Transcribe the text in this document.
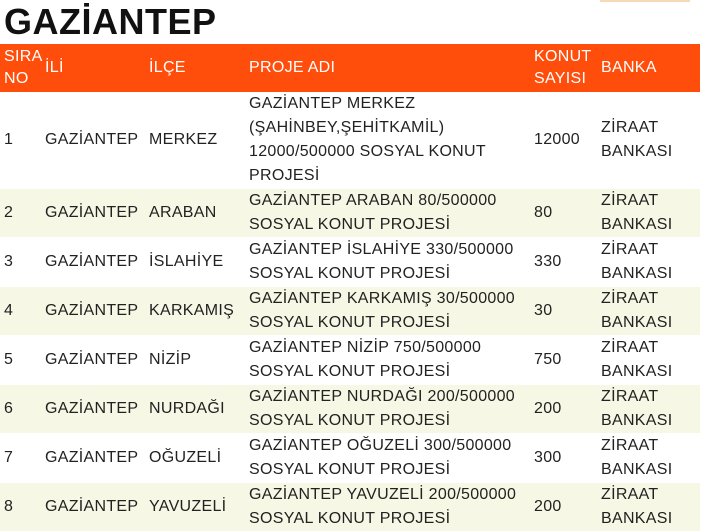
GAZİANTEP
SIRA NO	İLİ	İLÇE	PROJE ADI	KONUT SAYISI	BANKA
1	GAZİANTEP	MERKEZ	GAZİANTEP MERKEZ (ŞAHİNBEY,ŞEHİTKAMİL) 12000/500000 SOSYAL KONUT PROJESİ	12000	ZİRAAT BANKASI
2	GAZİANTEP	ARABAN	GAZİANTEP ARABAN 80/500000 SOSYAL KONUT PROJESİ	80	ZİRAAT BANKASI
3	GAZİANTEP	İSLAHİYE	GAZİANTEP İSLAHİYE 330/500000 SOSYAL KONUT PROJESİ	330	ZİRAAT BANKASI
4	GAZİANTEP	KARKAMIŞ	GAZİANTEP KARKAMIŞ 30/500000 SOSYAL KONUT PROJESİ	30	ZİRAAT BANKASI
5	GAZİANTEP	NİZİP	GAZİANTEP NİZİP 750/500000 SOSYAL KONUT PROJESİ	750	ZİRAAT BANKASI
6	GAZİANTEP	NURDAĞI	GAZİANTEP NURDAĞI 200/500000 SOSYAL KONUT PROJESİ	200	ZİRAAT BANKASI
7	GAZİANTEP	OĞUZELİ	GAZİANTEP OĞUZELİ 300/500000 SOSYAL KONUT PROJESİ	300	ZİRAAT BANKASI
8	GAZİANTEP	YAVUZELİ	GAZİANTEP YAVUZELİ 200/500000 SOSYAL KONUT PROJESİ	200	ZİRAAT BANKASI
